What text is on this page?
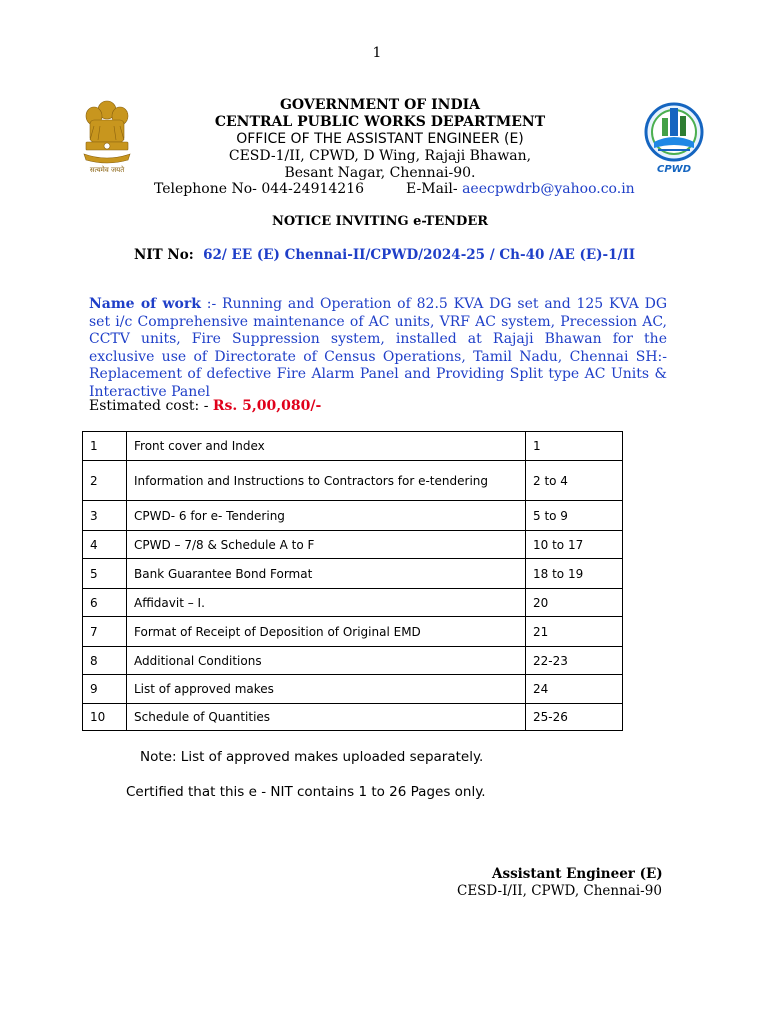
1
सत्यमेव जयते	CPWD
GOVERNMENT OF INDIA
CENTRAL PUBLIC WORKS DEPARTMENT
OFFICE OF THE ASSISTANT ENGINEER (E)
CESD-1/II, CPWD, D Wing, Rajaji Bhawan,
Besant Nagar, Chennai-90.
Telephone No- 044-24914216	E-Mail- aeecpwdrb@yahoo.co.in
NOTICE INVITING e-TENDER
NIT No: 62/ EE (E) Chennai-II/CPWD/2024-25 / Ch-40 /AE (E)-1/II
Name of work :- Running and Operation of 82.5 KVA DG set and 125 KVA DG set i/c Comprehensive maintenance of AC units, VRF AC system, Precession AC, CCTV units, Fire Suppression system, installed at Rajaji Bhawan for the exclusive use of Directorate of Census Operations, Tamil Nadu, Chennai SH:- Replacement of defective Fire Alarm Panel and Providing Split type AC Units & Interactive Panel
Estimated cost: - Rs. 5,00,080/-
1	Front cover and Index	1
2	Information and Instructions to Contractors for e-tendering	2 to 4
3	CPWD- 6 for e- Tendering	5 to 9
4	CPWD – 7/8 & Schedule A to F	10 to 17
5	Bank Guarantee Bond Format	18 to 19
6	Affidavit – I.	20
7	Format of Receipt of Deposition of Original EMD	21
8	Additional Conditions	22-23
9	List of approved makes	24
10	Schedule of Quantities	25-26
Note: List of approved makes uploaded separately.
Certified that this e - NIT contains 1 to 26 Pages only.
Assistant Engineer (E)
CESD-I/II, CPWD, Chennai-90
